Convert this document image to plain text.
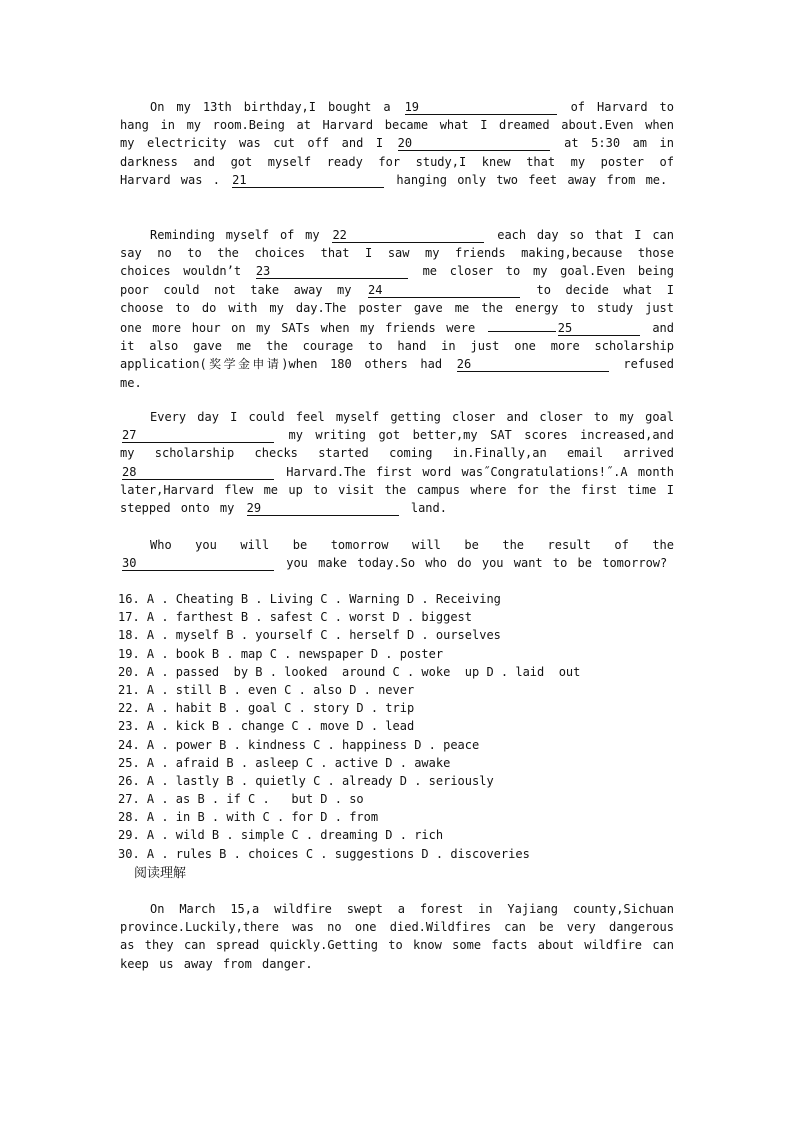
On my 13th birthday,I bought a 19	of Harvard to hang in my room.Being at Harvard became what I dreamed about.Even when my electricity was cut off and I 20	at 5:30 am in darkness and got myself ready for study,I knew that my poster of Harvard was . 21	hanging only two feet away from me.
Reminding myself of my 22	each day so that I can say no to the choices that I saw my friends making,because those choices wouldn’t 23	me closer to my goal.Even being poor could not take away my 24	to decide what I choose to do with my day.The poster gave me the energy to study just one more hour on my SATs when my friends were	25	and it also gave me the courage to hand in just one more scholarship application(奖学金申请)when 180 others had 26	refused me.
Every day I could feel myself getting closer and closer to my goal 27	my writing got better,my SAT scores increased,and my scholarship checks started coming in.Finally,an email arrived 28	Harvard.The first word was˝Congratulations!˝.A month later,Harvard flew me up to visit the campus where for the first time I stepped onto my 29	land.
Who you will be tomorrow will be the result of the 30	you make today.So who do you want to be tomorrow?
16. A . Cheating B . Living C . Warning D . Receiving
17. A . farthest B . safest C . worst D . biggest
18. A . myself B . yourself C . herself D . ourselves
19. A . book B . map C . newspaper D . poster
20. A . passed  by B . looked  around C . woke  up D . laid  out
21. A . still B . even C . also D . never
22. A . habit B . goal C . story D . trip
23. A . kick B . change C . move D . lead
24. A . power B . kindness C . happiness D . peace
25. A . afraid B . asleep C . active D . awake
26. A . lastly B . quietly C . already D . seriously
27. A . as B . if C .   but D . so
28. A . in B . with C . for D . from
29. A . wild B . simple C . dreaming D . rich
30. A . rules B . choices C . suggestions D . discoveries
阅读理解
On March 15,a wildfire swept a forest in Yajiang county,Sichuan province.Luckily,there was no one died.Wildfires can be very dangerous as they can spread quickly.Getting to know some facts about wildfire can keep us away from danger.
